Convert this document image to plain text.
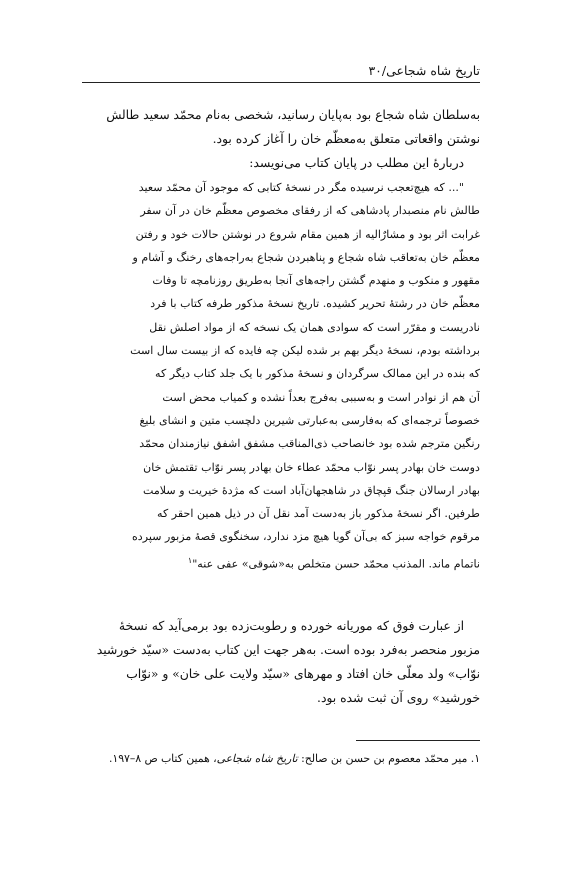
تاریخ شاه شجاعی/۳۰
به‌سلطان شاه شجاع بود به‌پایان رسانید، شخصی به‌نام محمّد سعید طالش
نوشتن واقعاتی متعلق به‌معظّم خان را آغاز کرده بود.
دربارۀ این مطلب در پایان کتاب می‌نویسد:
"... که هیچ‌تعجب نرسیده مگر در نسخۀ کتابی که موجود آن محمّد سعید
طالش نام منصبدار پادشاهی که از رفقای مخصوص معظّم خان در آن سفر
غرابت اثر بود و مشارٌالیه از همین مقام شروع در نوشتن حالات خود و رفتن
معظّم خان به‌تعاقب شاه شجاع و پناهبردن شجاع به‌راجه‌های رخنگ و آشام و
مقهور و منکوب و منهدم گشتن راجه‌های آنجا به‌طریق روزنامچه تا وفات
معظّم خان در رشتۀ تحریر کشیده. تاریخ نسخۀ مذکور طرفه کتاب با فرد
نادریست و مقرّر است که سوادی همان یک نسخه که از مواد اصلش نقل
برداشته بودم، نسخۀ دیگر بهم بر شده لیکن چه فایده که از بیست سال است
که بنده در این ممالک سرگردان و نسخۀ مذکور با یک جلد کتاب دیگر که
آن هم از نوادر است و به‌سببی به‌فرج بعداً نشده و کمیاب محض است
خصوصاً ترجمه‌ای که به‌فارسی به‌عبارتی شیرین دلچسب متین و انشای بلیغ
رنگین مترجم شده بود خانصاحب ذی‌المناقب مشفق اشفق نیازمندان محمّد
دوست خان بهادر پسر نوّاب محمّد عطاء خان بهادر پسر نوّاب تقتمش خان
بهادر ارسالان جنگ قپچاق در شاهجهان‌آباد است که مژدۀ خیریت و سلامت
طرفین. اگر نسخۀ مذکور باز به‌دست آمد نقل آن در ذیل همین احقر که
مرقوم خواجه سبز که بی‌آن گویا هیچ مزد ندارد، سخنگوی قصۀ مزبور سپرده
ناتمام ماند. المذنب محمّد حسن متخلص به«شوقی» عفی عنه"$^۱$
از عبارت فوق که موریانه خورده و رطوبت‌زده بود برمی‌آید که نسخۀ
مزبور منحصر به‌فرد بوده است. به‌هر جهت این کتاب به‌دست «سیّد خورشید
نوّاب» ولد معلّی خان افتاد و مهرهای «سیّد ولایت علی خان» و «نوّاب
خورشید» روی آن ثبت شده بود.
۱. میر محمّد معصوم بن حسن بن صالح: تاریخ شاه شجاعی، همین کتاب ص ۸–۱۹۷.
